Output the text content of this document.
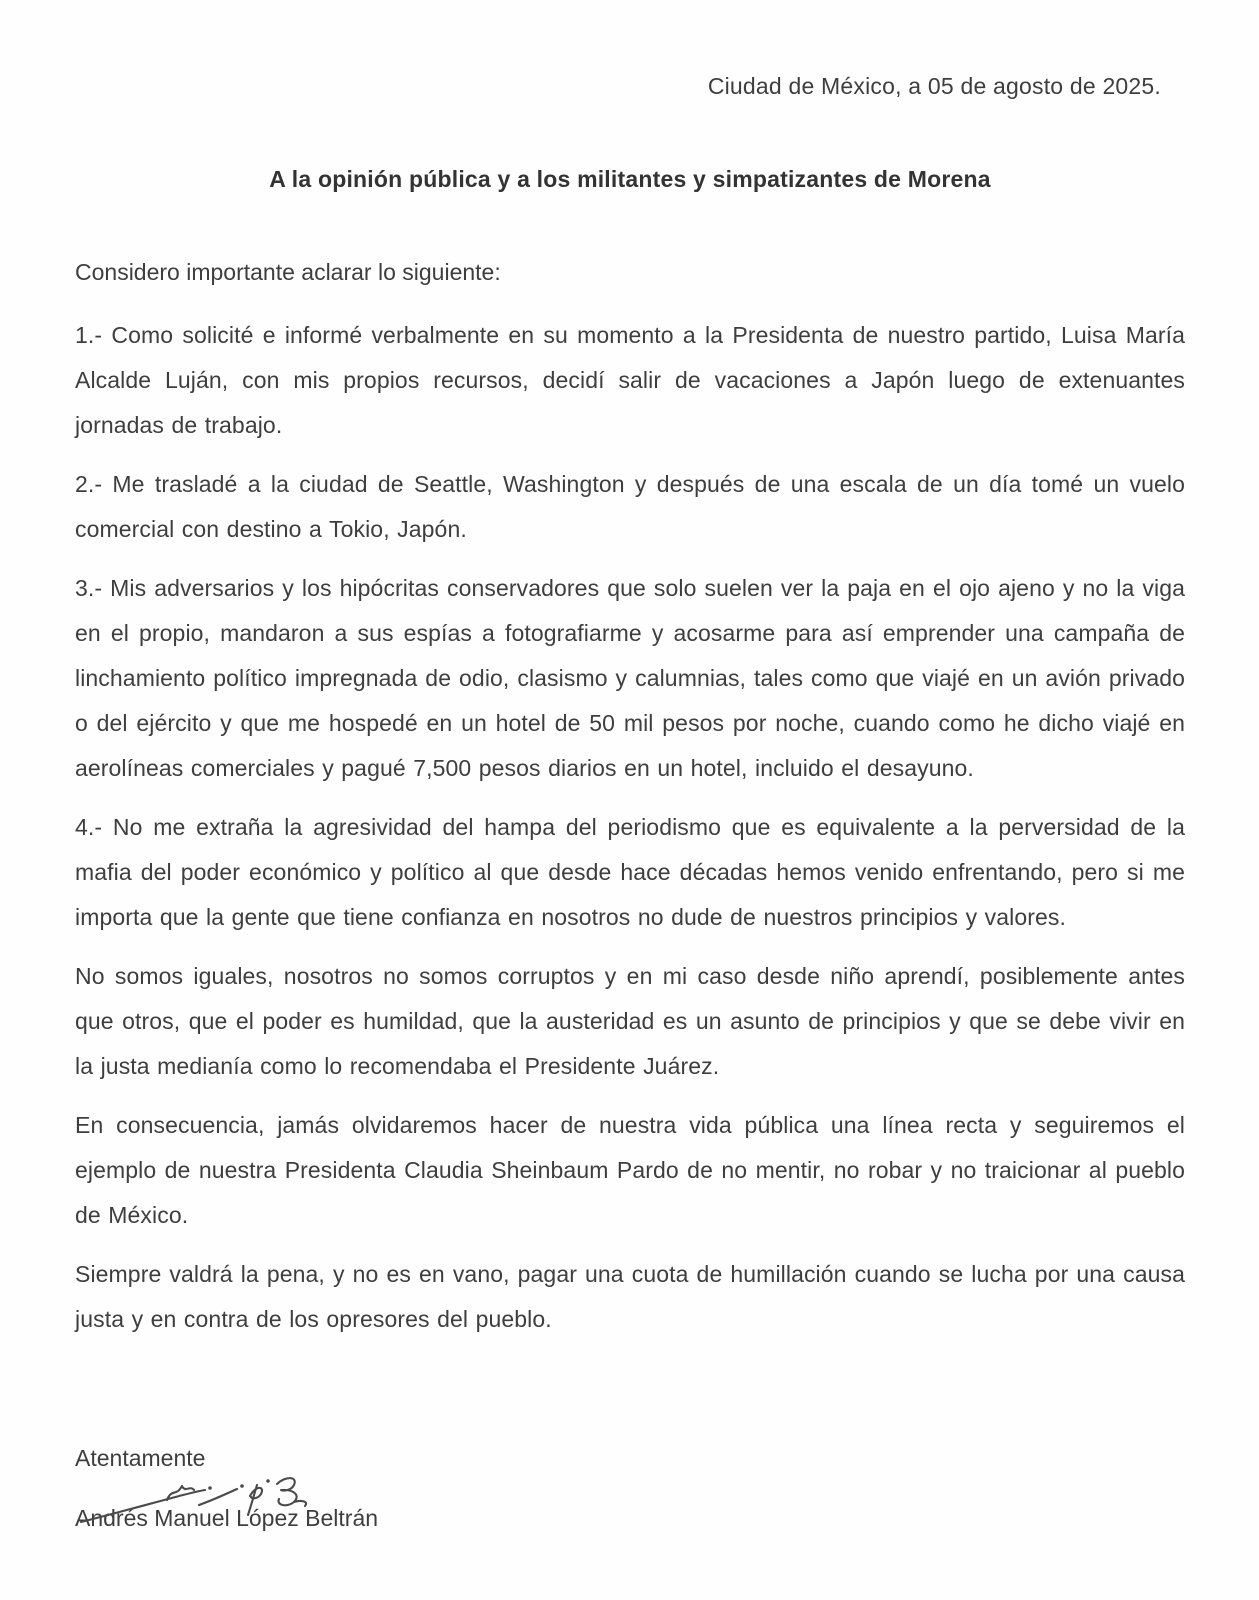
Ciudad de México, a 05 de agosto de 2025.
A la opinión pública y a los militantes y simpatizantes de Morena

Considero importante aclarar lo siguiente:

1.- Como solicité e informé verbalmente en su momento a la Presidenta de nuestro partido, Luisa María Alcalde Luján, con mis propios recursos, decidí salir de vacaciones a Japón luego de extenuantes jornadas de trabajo.

2.- Me trasladé a la ciudad de Seattle, Washington y después de una escala de un día tomé un vuelo comercial con destino a Tokio, Japón.

3.- Mis adversarios y los hipócritas conservadores que solo suelen ver la paja en el ojo ajeno y no la viga en el propio, mandaron a sus espías a fotografiarme y acosarme para así emprender una campaña de linchamiento político impregnada de odio, clasismo y calumnias, tales como que viajé en un avión privado o del ejército y que me hospedé en un hotel de 50 mil pesos por noche, cuando como he dicho viajé en aerolíneas comerciales y pagué 7,500 pesos diarios en un hotel, incluido el desayuno.

4.- No me extraña la agresividad del hampa del periodismo que es equivalente a la perversidad de la mafia del poder económico y político al que desde hace décadas hemos venido enfrentando, pero si me importa que la gente que tiene confianza en nosotros no dude de nuestros principios y valores.

No somos iguales, nosotros no somos corruptos y en mi caso desde niño aprendí, posiblemente antes que otros, que el poder es humildad, que la austeridad es un asunto de principios y que se debe vivir en la justa medianía como lo recomendaba el Presidente Juárez.

En consecuencia, jamás olvidaremos hacer de nuestra vida pública una línea recta y seguiremos el ejemplo de nuestra Presidenta Claudia Sheinbaum Pardo de no mentir, no robar y no traicionar al pueblo de México.

Siempre valdrá la pena, y no es en vano, pagar una cuota de humillación cuando se lucha por una causa justa y en contra de los opresores del pueblo.

Atentamente
Andrés Manuel López Beltrán
